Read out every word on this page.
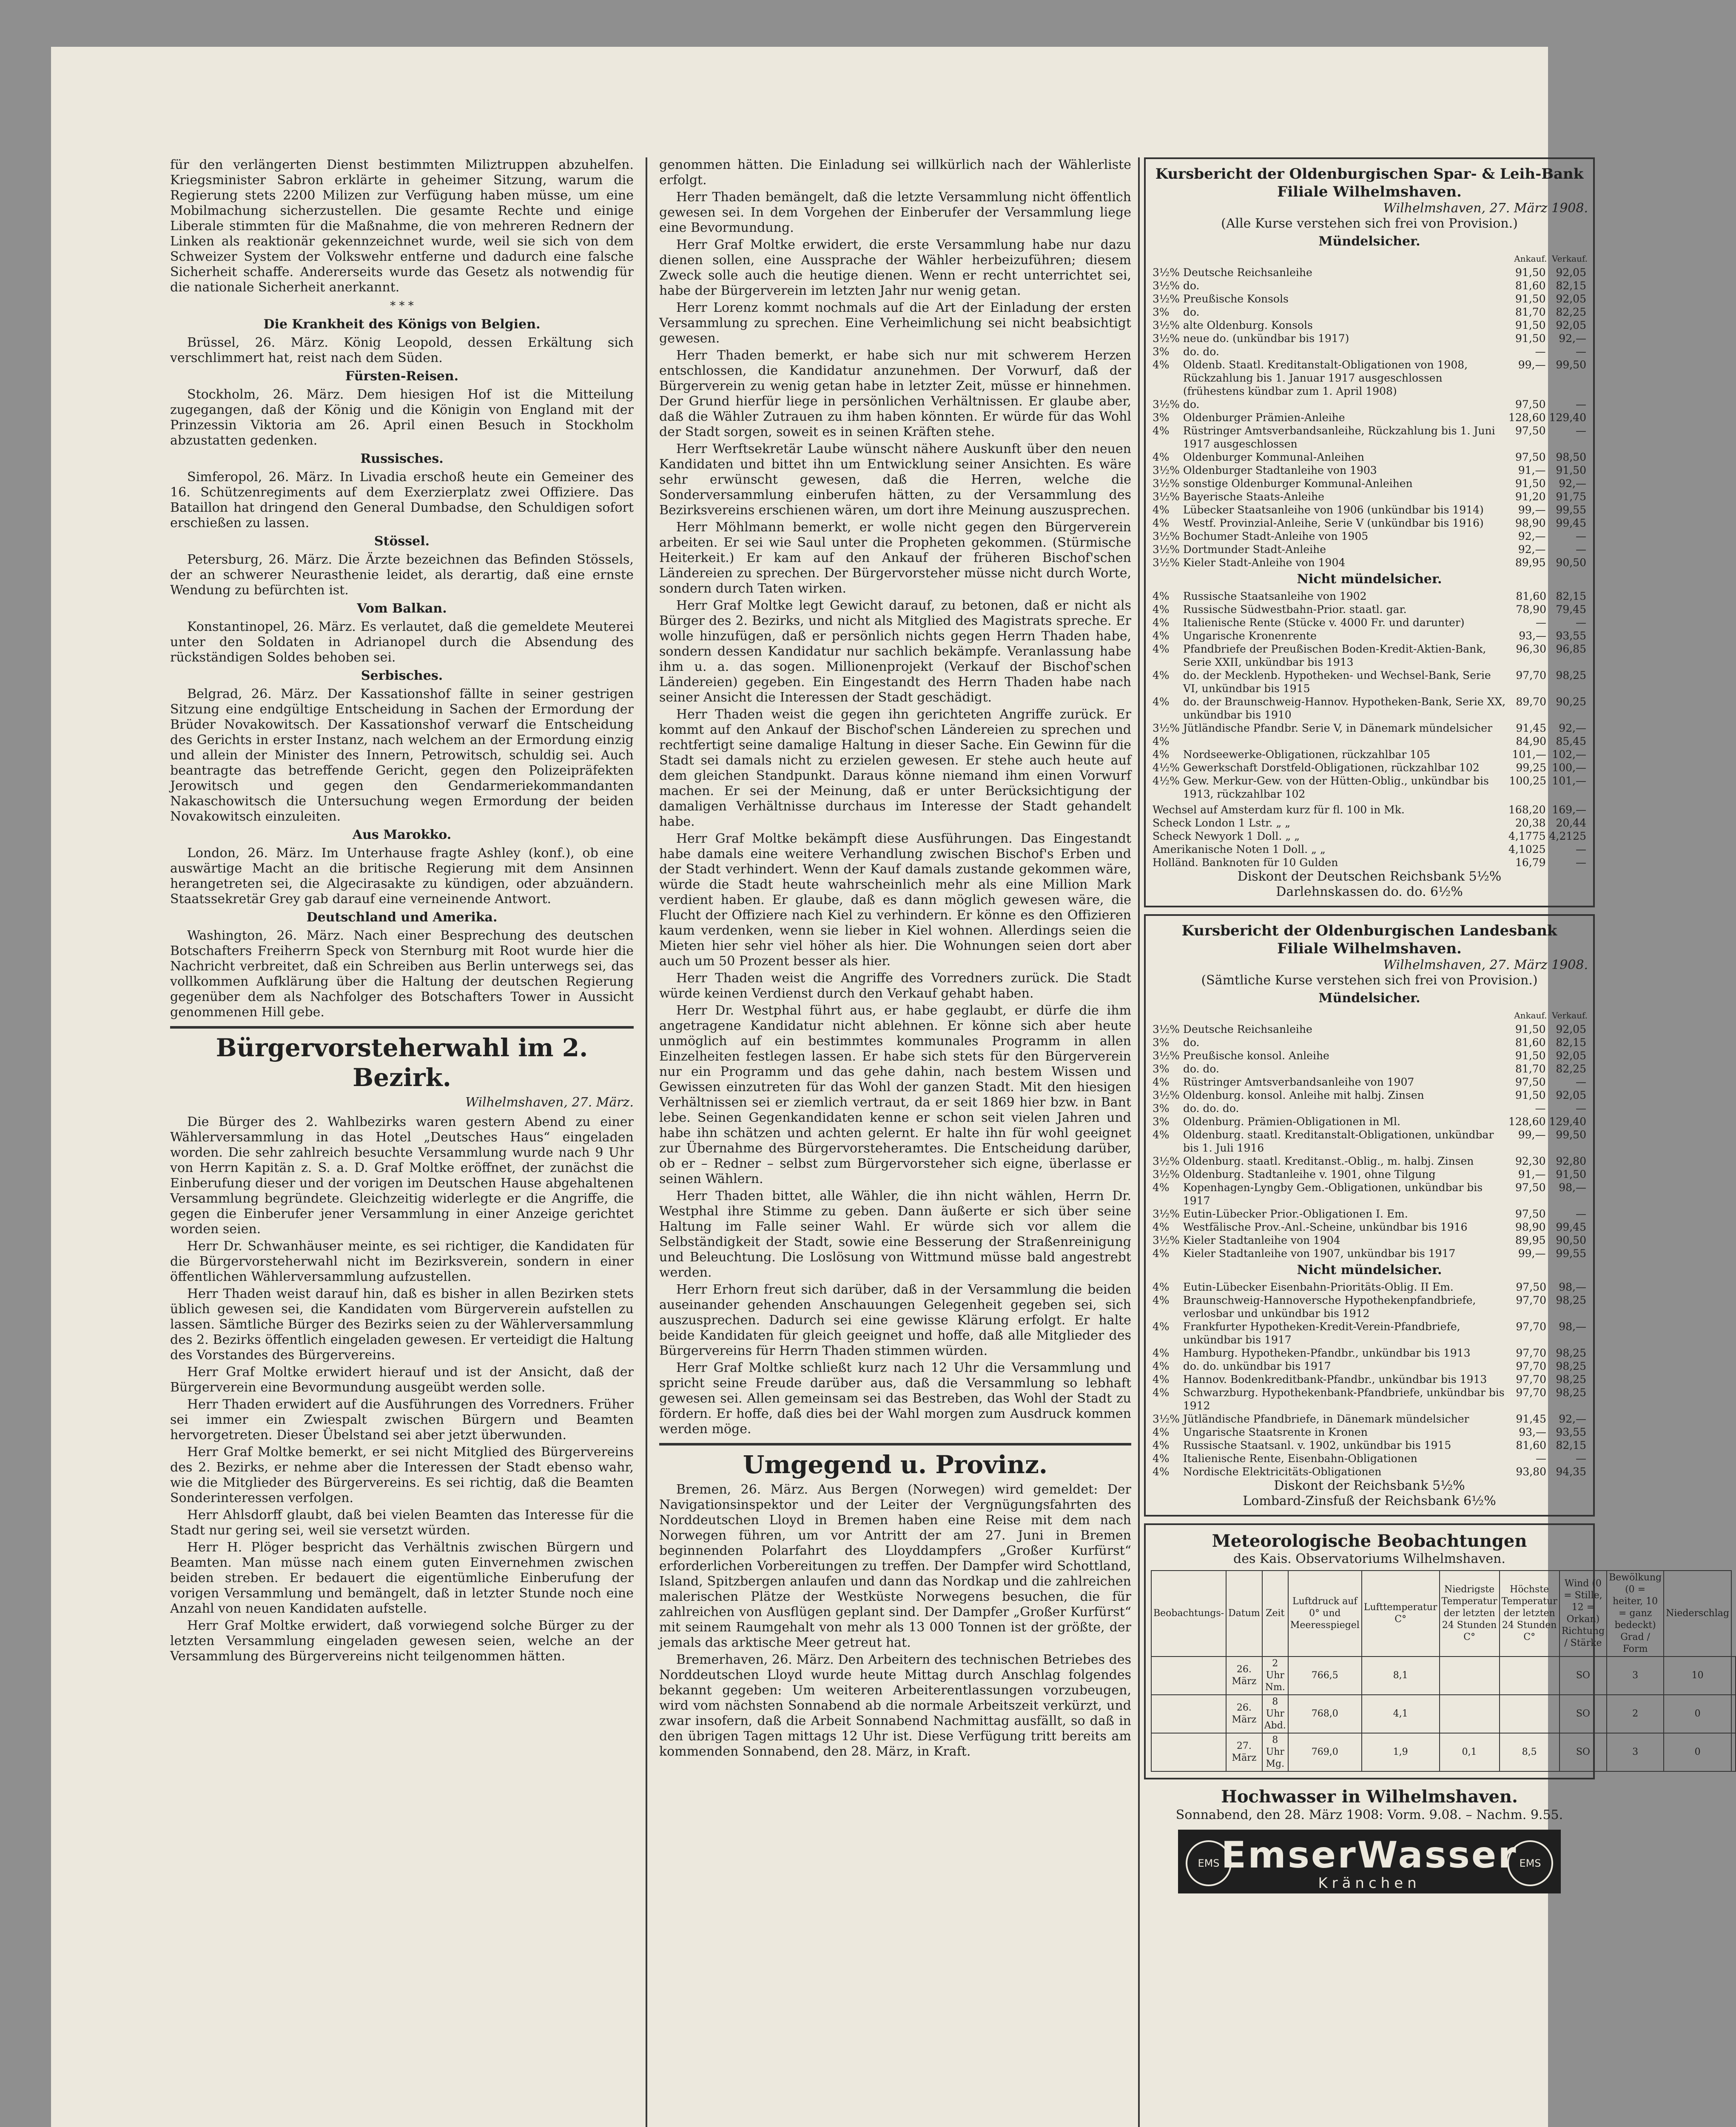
für den verlängerten Dienst bestimmten Miliztruppen abzuhelfen. Kriegsminister Sabron erklärte in geheimer Sitzung, warum die Regierung stets 2200 Milizen zur Verfügung haben müsse, um eine Mobilmachung sicherzustellen. Die gesamte Rechte und einige Liberale stimmten für die Maßnahme, die von mehreren Rednern der Linken als reaktionär gekennzeichnet wurde, weil sie sich von dem Schweizer System der Volkswehr entferne und dadurch eine falsche Sicherheit schaffe. Andererseits wurde das Gesetz als notwendig für die nationale Sicherheit anerkannt.

* * *
Die Krankheit des Königs von Belgien.

Brüssel, 26. März. König Leopold, dessen Erkältung sich verschlimmert hat, reist nach dem Süden.

Fürsten-Reisen.

Stockholm, 26. März. Dem hiesigen Hof ist die Mitteilung zugegangen, daß der König und die Königin von England mit der Prinzessin Viktoria am 26. April einen Besuch in Stockholm abzustatten gedenken.

Russisches.

Simferopol, 26. März. In Livadia erschoß heute ein Gemeiner des 16. Schützenregiments auf dem Exerzierplatz zwei Offiziere. Das Bataillon hat dringend den General Dumbadse, den Schuldigen sofort erschießen zu lassen.

Stössel.

Petersburg, 26. März. Die Ärzte bezeichnen das Befinden Stössels, der an schwerer Neurasthenie leidet, als derartig, daß eine ernste Wendung zu befürchten ist.

Vom Balkan.

Konstantinopel, 26. März. Es verlautet, daß die gemeldete Meuterei unter den Soldaten in Adrianopel durch die Absendung des rückständigen Soldes behoben sei.

Serbisches.

Belgrad, 26. März. Der Kassationshof fällte in seiner gestrigen Sitzung eine endgültige Entscheidung in Sachen der Ermordung der Brüder Novakowitsch. Der Kassationshof verwarf die Entscheidung des Gerichts in erster Instanz, nach welchem an der Ermordung einzig und allein der Minister des Innern, Petrowitsch, schuldig sei. Auch beantragte das betreffende Gericht, gegen den Polizeipräfekten Jerowitsch und gegen den Gendarmeriekommandanten Nakaschowitsch die Untersuchung wegen Ermordung der beiden Novakowitsch einzuleiten.

Aus Marokko.

London, 26. März. Im Unterhause fragte Ashley (konf.), ob eine auswärtige Macht an die britische Regierung mit dem Ansinnen herangetreten sei, die Algecirasakte zu kündigen, oder abzuändern. Staatssekretär Grey gab darauf eine verneinende Antwort.

Deutschland und Amerika.

Washington, 26. März. Nach einer Besprechung des deutschen Botschafters Freiherrn Speck von Sternburg mit Root wurde hier die Nachricht verbreitet, daß ein Schreiben aus Berlin unterwegs sei, das vollkommen Aufklärung über die Haltung der deutschen Regierung gegenüber dem als Nachfolger des Botschafters Tower in Aussicht genommenen Hill gebe.

Bürgervorsteherwahl im 2. Bezirk.
Wilhelmshaven, 27. März.

Die Bürger des 2. Wahlbezirks waren gestern Abend zu einer Wählerversammlung in das Hotel „Deutsches Haus“ eingeladen worden. Die sehr zahlreich besuchte Versammlung wurde nach 9 Uhr von Herrn Kapitän z. S. a. D. Graf Moltke eröffnet, der zunächst die Einberufung dieser und der vorigen im Deutschen Hause abgehaltenen Versammlung begründete. Gleichzeitig widerlegte er die Angriffe, die gegen die Einberufer jener Versammlung in einer Anzeige gerichtet worden seien.

Herr Dr. Schwanhäuser meinte, es sei richtiger, die Kandidaten für die Bürgervorsteherwahl nicht im Bezirksverein, sondern in einer öffentlichen Wählerversammlung aufzustellen.

Herr Thaden weist darauf hin, daß es bisher in allen Bezirken stets üblich gewesen sei, die Kandidaten vom Bürgerverein aufstellen zu lassen. Sämtliche Bürger des Bezirks seien zu der Wählerversammlung des 2. Bezirks öffentlich eingeladen gewesen. Er verteidigt die Haltung des Vorstandes des Bürgervereins.

Herr Graf Moltke erwidert hierauf und ist der Ansicht, daß der Bürgerverein eine Bevormundung ausgeübt werden solle.

Herr Thaden erwidert auf die Ausführungen des Vorredners. Früher sei immer ein Zwiespalt zwischen Bürgern und Beamten hervorgetreten. Dieser Übelstand sei aber jetzt überwunden.

Herr Graf Moltke bemerkt, er sei nicht Mitglied des Bürgervereins des 2. Bezirks, er nehme aber die Interessen der Stadt ebenso wahr, wie die Mitglieder des Bürgervereins. Es sei richtig, daß die Beamten Sonderinteressen verfolgen.

Herr Ahlsdorff glaubt, daß bei vielen Beamten das Interesse für die Stadt nur gering sei, weil sie versetzt würden.

Herr H. Plöger bespricht das Verhältnis zwischen Bürgern und Beamten. Man müsse nach einem guten Einvernehmen zwischen beiden streben. Er bedauert die eigentümliche Einberufung der vorigen Versammlung und bemängelt, daß in letzter Stunde noch eine Anzahl von neuen Kandidaten aufstelle.

Herr Graf Moltke erwidert, daß vorwiegend solche Bürger zu der letzten Versammlung eingeladen gewesen seien, welche an der Versammlung des Bürgervereins nicht teilgenommen hätten.

genommen hätten. Die Einladung sei willkürlich nach der Wählerliste erfolgt.

Herr Thaden bemängelt, daß die letzte Versammlung nicht öffentlich gewesen sei. In dem Vorgehen der Einberufer der Versammlung liege eine Bevormundung.

Herr Graf Moltke erwidert, die erste Versammlung habe nur dazu dienen sollen, eine Aussprache der Wähler herbeizuführen; diesem Zweck solle auch die heutige dienen. Wenn er recht unterrichtet sei, habe der Bürgerverein im letzten Jahr nur wenig getan.

Herr Lorenz kommt nochmals auf die Art der Einladung der ersten Versammlung zu sprechen. Eine Verheimlichung sei nicht beabsichtigt gewesen.

Herr Thaden bemerkt, er habe sich nur mit schwerem Herzen entschlossen, die Kandidatur anzunehmen. Der Vorwurf, daß der Bürgerverein zu wenig getan habe in letzter Zeit, müsse er hinnehmen. Der Grund hierfür liege in persönlichen Verhältnissen. Er glaube aber, daß die Wähler Zutrauen zu ihm haben könnten. Er würde für das Wohl der Stadt sorgen, soweit es in seinen Kräften stehe.

Herr Werftsekretär Laube wünscht nähere Auskunft über den neuen Kandidaten und bittet ihn um Entwicklung seiner Ansichten. Es wäre sehr erwünscht gewesen, daß die Herren, welche die Sonderversammlung einberufen hätten, zu der Versammlung des Bezirksvereins erschienen wären, um dort ihre Meinung auszusprechen.

Herr Möhlmann bemerkt, er wolle nicht gegen den Bürgerverein arbeiten. Er sei wie Saul unter die Propheten gekommen. (Stürmische Heiterkeit.) Er kam auf den Ankauf der früheren Bischof'schen Ländereien zu sprechen. Der Bürgervorsteher müsse nicht durch Worte, sondern durch Taten wirken.

Herr Graf Moltke legt Gewicht darauf, zu betonen, daß er nicht als Bürger des 2. Bezirks, und nicht als Mitglied des Magistrats spreche. Er wolle hinzufügen, daß er persönlich nichts gegen Herrn Thaden habe, sondern dessen Kandidatur nur sachlich bekämpfe. Veranlassung habe ihm u. a. das sogen. Millionenprojekt (Verkauf der Bischof'schen Ländereien) gegeben. Ein Eingestandt des Herrn Thaden habe nach seiner Ansicht die Interessen der Stadt geschädigt.

Herr Thaden weist die gegen ihn gerichteten Angriffe zurück. Er kommt auf den Ankauf der Bischof'schen Ländereien zu sprechen und rechtfertigt seine damalige Haltung in dieser Sache. Ein Gewinn für die Stadt sei damals nicht zu erzielen gewesen. Er stehe auch heute auf dem gleichen Standpunkt. Daraus könne niemand ihm einen Vorwurf machen. Er sei der Meinung, daß er unter Berücksichtigung der damaligen Verhältnisse durchaus im Interesse der Stadt gehandelt habe.

Herr Graf Moltke bekämpft diese Ausführungen. Das Eingestandt habe damals eine weitere Verhandlung zwischen Bischof's Erben und der Stadt verhindert. Wenn der Kauf damals zustande gekommen wäre, würde die Stadt heute wahrscheinlich mehr als eine Million Mark verdient haben. Er glaube, daß es dann möglich gewesen wäre, die Flucht der Offiziere nach Kiel zu verhindern. Er könne es den Offizieren kaum verdenken, wenn sie lieber in Kiel wohnen. Allerdings seien die Mieten hier sehr viel höher als hier. Die Wohnungen seien dort aber auch um 50 Prozent besser als hier.

Herr Thaden weist die Angriffe des Vorredners zurück. Die Stadt würde keinen Verdienst durch den Verkauf gehabt haben.

Herr Dr. Westphal führt aus, er habe geglaubt, er dürfe die ihm angetragene Kandidatur nicht ablehnen. Er könne sich aber heute unmöglich auf ein bestimmtes kommunales Programm in allen Einzelheiten festlegen lassen. Er habe sich stets für den Bürgerverein nur ein Programm und das gehe dahin, nach bestem Wissen und Gewissen einzutreten für das Wohl der ganzen Stadt. Mit den hiesigen Verhältnissen sei er ziemlich vertraut, da er seit 1869 hier bzw. in Bant lebe. Seinen Gegenkandidaten kenne er schon seit vielen Jahren und habe ihn schätzen und achten gelernt. Er halte ihn für wohl geeignet zur Übernahme des Bürgervorsteheramtes. Die Entscheidung darüber, ob er – Redner – selbst zum Bürgervorsteher sich eigne, überlasse er seinen Wählern.

Herr Thaden bittet, alle Wähler, die ihn nicht wählen, Herrn Dr. Westphal ihre Stimme zu geben. Dann äußerte er sich über seine Haltung im Falle seiner Wahl. Er würde sich vor allem die Selbständigkeit der Stadt, sowie eine Besserung der Straßenreinigung und Beleuchtung. Die Loslösung von Wittmund müsse bald angestrebt werden.

Herr Erhorn freut sich darüber, daß in der Versammlung die beiden auseinander gehenden Anschauungen Gelegenheit gegeben sei, sich auszusprechen. Dadurch sei eine gewisse Klärung erfolgt. Er halte beide Kandidaten für gleich geeignet und hoffe, daß alle Mitglieder des Bürgervereins für Herrn Thaden stimmen würden.

Herr Graf Moltke schließt kurz nach 12 Uhr die Versammlung und spricht seine Freude darüber aus, daß die Versammlung so lebhaft gewesen sei. Allen gemeinsam sei das Bestreben, das Wohl der Stadt zu fördern. Er hoffe, daß dies bei der Wahl morgen zum Ausdruck kommen werden möge.

Umgegend u. Provinz.

Bremen, 26. März. Aus Bergen (Norwegen) wird gemeldet: Der Navigationsinspektor und der Leiter der Vergnügungsfahrten des Norddeutschen Lloyd in Bremen haben eine Reise mit dem nach Norwegen führen, um vor Antritt der am 27. Juni in Bremen beginnenden Polarfahrt des Lloyddampfers „Großer Kurfürst“ erforderlichen Vorbereitungen zu treffen. Der Dampfer wird Schottland, Island, Spitzbergen anlaufen und dann das Nordkap und die zahlreichen malerischen Plätze der Westküste Norwegens besuchen, die für zahlreichen von Ausflügen geplant sind. Der Dampfer „Großer Kurfürst“ mit seinem Raumgehalt von mehr als 13 000 Tonnen ist der größte, der jemals das arktische Meer getreut hat.

Bremerhaven, 26. März. Den Arbeitern des technischen Betriebes des Norddeutschen Lloyd wurde heute Mittag durch Anschlag folgendes bekannt gegeben: Um weiteren Arbeiterentlassungen vorzubeugen, wird vom nächsten Sonnabend ab die normale Arbeitszeit verkürzt, und zwar insofern, daß die Arbeit Sonnabend Nachmittag ausfällt, so daß in den übrigen Tagen mittags 12 Uhr ist. Diese Verfügung tritt bereits am kommenden Sonnabend, den 28. März, in Kraft.

Kursbericht der Oldenburgischen Spar- & Leih-Bank
Filiale Wilhelmshaven.
Wilhelmshaven, 27. März 1908.
(Alle Kurse verstehen sich frei von Provision.)
Mündelsicher.
		Ankauf.	Verkauf.
3½%	Deutsche Reichsanleihe	91,50	92,05
3½%	do.	81,60	82,15
3½%	Preußische Konsols	91,50	92,05
3%	do.	81,70	82,25
3½%	alte Oldenburg. Konsols	91,50	92,05
3½%	neue do. (unkündbar bis 1917)	91,50	92,—
3%	do. do.	—	—
4%	Oldenb. Staatl. Kreditanstalt-Obligationen von 1908, Rückzahlung bis 1. Januar 1917 ausgeschlossen (frühestens kündbar zum 1. April 1908)	99,—	99,50
3½%	do.	97,50	—
3%	Oldenburger Prämien-Anleihe	128,60	129,40
4%	Rüstringer Amtsverbandsanleihe, Rückzahlung bis 1. Juni 1917 ausgeschlossen	97,50	—
4%	Oldenburger Kommunal-Anleihen	97,50	98,50
3½%	Oldenburger Stadtanleihe von 1903	91,—	91,50
3½%	sonstige Oldenburger Kommunal-Anleihen	91,50	92,—
3½%	Bayerische Staats-Anleihe	91,20	91,75
4%	Lübecker Staatsanleihe von 1906 (unkündbar bis 1914)	99,—	99,55
4%	Westf. Provinzial-Anleihe, Serie V (unkündbar bis 1916)	98,90	99,45
3½%	Bochumer Stadt-Anleihe von 1905	92,—	—
3½%	Dortmunder Stadt-Anleihe	92,—	—
3½%	Kieler Stadt-Anleihe von 1904	89,95	90,50
Nicht mündelsicher.
4%	Russische Staatsanleihe von 1902	81,60	82,15
4%	Russische Südwestbahn-Prior. staatl. gar.	78,90	79,45
4%	Italienische Rente (Stücke v. 4000 Fr. und darunter)	—	—
4%	Ungarische Kronenrente	93,—	93,55
4%	Pfandbriefe der Preußischen Boden-Kredit-Aktien-Bank, Serie XXII, unkündbar bis 1913	96,30	96,85
4%	do. der Mecklenb. Hypotheken- und Wechsel-Bank, Serie VI, unkündbar bis 1915	97,70	98,25
4%	do. der Braunschweig-Hannov. Hypotheken-Bank, Serie XX, unkündbar bis 1910	89,70	90,25
3½%	Jütländische Pfandbr. Serie V, in Dänemark mündelsicher	91,45	92,—
4%		84,90	85,45
4%	Nordseewerke-Obligationen, rückzahlbar 105	101,—	102,—
4½%	Gewerkschaft Dorstfeld-Obligationen, rückzahlbar 102	99,25	100,—
4½%	Gew. Merkur-Gew. von der Hütten-Oblig., unkündbar bis 1913, rückzahlbar 102	100,25	101,—
Wechsel auf Amsterdam kurz für fl. 100 in Mk.	168,20	169,—
Scheck London 1 Lstr. „ „	20,38	20,44
Scheck Newyork 1 Doll. „ „	4,1775	4,2125
Amerikanische Noten 1 Doll. „ „	4,1025	—
Holländ. Banknoten für 10 Gulden	16,79	—
Diskont der Deutschen Reichsbank 5½%
Darlehnskassen do. do. 6½%
Kursbericht der Oldenburgischen Landesbank
Filiale Wilhelmshaven.
Wilhelmshaven, 27. März 1908.
(Sämtliche Kurse verstehen sich frei von Provision.)
Mündelsicher.
		Ankauf.	Verkauf.
3½%	Deutsche Reichsanleihe	91,50	92,05
3%	do.	81,60	82,15
3½%	Preußische konsol. Anleihe	91,50	92,05
3%	do. do.	81,70	82,25
4%	Rüstringer Amtsverbandsanleihe von 1907	97,50	—
3½%	Oldenburg. konsol. Anleihe mit halbj. Zinsen	91,50	92,05
3%	do. do. do.	—	—
3%	Oldenburg. Prämien-Obligationen in Ml.	128,60	129,40
4%	Oldenburg. staatl. Kreditanstalt-Obligationen, unkündbar bis 1. Juli 1916	99,—	99,50
3½%	Oldenburg. staatl. Kreditanst.-Oblig., m. halbj. Zinsen	92,30	92,80
3½%	Oldenburg. Stadtanleihe v. 1901, ohne Tilgung	91,—	91,50
4%	Kopenhagen-Lyngby Gem.-Obligationen, unkündbar bis 1917	97,50	98,—
3½%	Eutin-Lübecker Prior.-Obligationen I. Em.	97,50	—
4%	Westfälische Prov.-Anl.-Scheine, unkündbar bis 1916	98,90	99,45
3½%	Kieler Stadtanleihe von 1904	89,95	90,50
4%	Kieler Stadtanleihe von 1907, unkündbar bis 1917	99,—	99,55
Nicht mündelsicher.
4%	Eutin-Lübecker Eisenbahn-Prioritäts-Oblig. II Em.	97,50	98,—
4%	Braunschweig-Hannoversche Hypothekenpfandbriefe, verlosbar und unkündbar bis 1912	97,70	98,25
4%	Frankfurter Hypotheken-Kredit-Verein-Pfandbriefe, unkündbar bis 1917	97,70	98,—
4%	Hamburg. Hypotheken-Pfandbr., unkündbar bis 1913	97,70	98,25
4%	do. do. unkündbar bis 1917	97,70	98,25
4%	Hannov. Bodenkreditbank-Pfandbr., unkündbar bis 1913	97,70	98,25
4%	Schwarzburg. Hypothekenbank-Pfandbriefe, unkündbar bis 1912	97,70	98,25
3½%	Jütländische Pfandbriefe, in Dänemark mündelsicher	91,45	92,—
4%	Ungarische Staatsrente in Kronen	93,—	93,55
4%	Russische Staatsanl. v. 1902, unkündbar bis 1915	81,60	82,15
4%	Italienische Rente, Eisenbahn-Obligationen	—	—
4%	Nordische Elektricitäts-Obligationen	93,80	94,35
Diskont der Reichsbank 5½%
Lombard-Zinsfuß der Reichsbank 6½%
Meteorologische Beobachtungen
des Kais. Observatoriums Wilhelmshaven.
Beobachtungs-	Datum	Zeit	Luftdruck auf 0° und Meeresspiegel	Lufttemperatur C°	Niedrigste Temperatur der letzten 24 Stunden C°	Höchste Temperatur der letzten 24 Stunden C°	Wind (0 = Stille, 12 = Orkan) Richtung / Stärke	Bewölkung (0 = heiter, 10 = ganz bedeckt) Grad / Form	Niederschlag	
	26. März	2 Uhr Nm.	766,5	8,1			SO	3	10	
	26. März	8 Uhr Abd.	768,0	4,1			SO	2	0	
	27. März	8 Uhr Mg.	769,0	1,9	0,1	8,5	SO	3	0	
Hochwasser in Wilhelmshaven.
Sonnabend, den 28. März 1908: Vorm. 9.08. – Nachm. 9.55.
EMS	EMS
EmserWasser
Kränchen
